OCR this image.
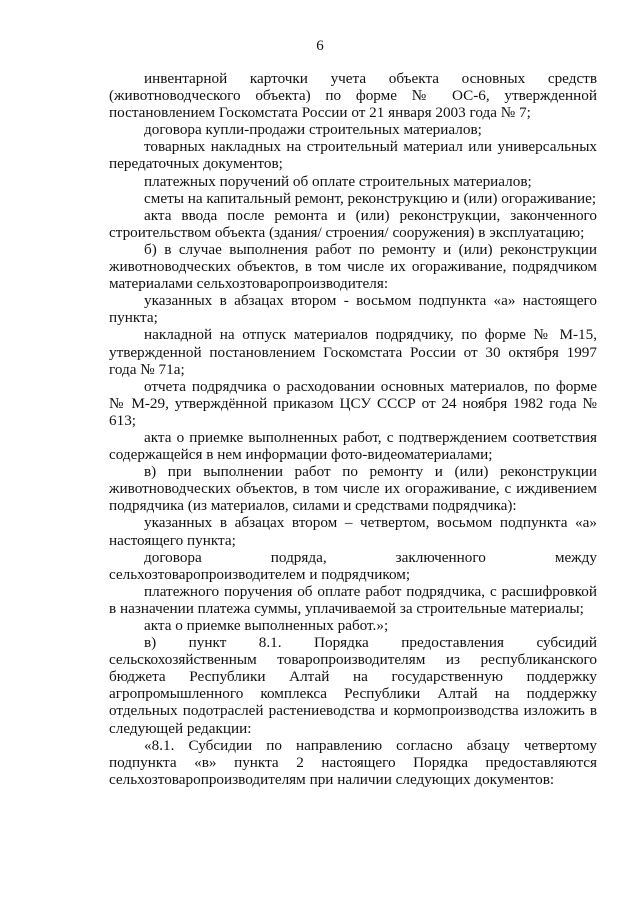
6

инвентарной карточки учета объекта основных средств (животноводческого объекта) по форме № ОС-6, утвержденной постановлением Госкомстата России от 21 января 2003 года № 7;

договора купли-продажи строительных материалов;

товарных накладных на строительный материал или универсальных передаточных документов;

платежных поручений об оплате строительных материалов;

сметы на капитальный ремонт, реконструкцию и (или) огораживание;

акта ввода после ремонта и (или) реконструкции, законченного строительством объекта (здания/ строения/ сооружения) в эксплуатацию;

б) в случае выполнения работ по ремонту и (или) реконструкции животноводческих объектов, в том числе их огораживание, подрядчиком материалами сельхозтоваропроизводителя:

указанных в абзацах втором - восьмом подпункта «а» настоящего пункта;

накладной на отпуск материалов подрядчику, по форме № М-15, утвержденной постановлением Госкомстата России от 30 октября 1997 года № 71а;

отчета подрядчика о расходовании основных материалов, по форме № М-29, утверждённой приказом ЦСУ СССР от 24 ноября 1982 года № 613;

акта о приемке выполненных работ, с подтверждением соответствия содержащейся в нем информации фото-видеоматериалами;

в) при выполнении работ по ремонту и (или) реконструкции животноводческих объектов, в том числе их огораживание, с иждивением подрядчика (из материалов, силами и средствами подрядчика):

указанных в абзацах втором – четвертом, восьмом подпункта «а» настоящего пункта;

договора подряда, заключенного между сельхозтоваропроизводителем и подрядчиком;

платежного поручения об оплате работ подрядчика, с расшифровкой в назначении платежа суммы, уплачиваемой за строительные материалы;

акта о приемке выполненных работ.»;

в) пункт 8.1. Порядка предоставления субсидий сельскохозяйственным товаропроизводителям из республиканского бюджета Республики Алтай на государственную поддержку агропромышленного комплекса Республики Алтай на поддержку отдельных подотраслей растениеводства и кормопроизводства изложить в следующей редакции:

«8.1. Субсидии по направлению согласно абзацу четвертому подпункта «в» пункта 2 настоящего Порядка предоставляются сельхозтоваропроизводителям при наличии следующих документов:
